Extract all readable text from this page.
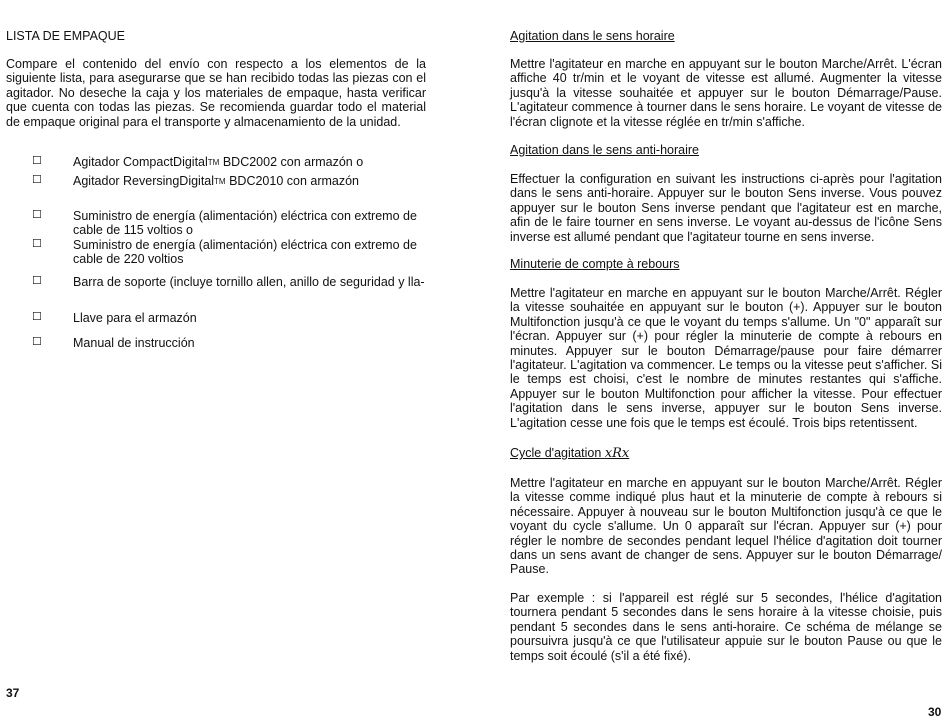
LISTA DE EMPAQUE

Compare el contenido del envío con respecto a los elementos de la siguiente lista, para asegurarse que se han recibido todas las piezas con el agitador. No deseche la caja y los materiales de empaque, hasta verificar que cuenta con todas las piezas. Se recomienda guardar todo el material de empaque original para el transporte y almacenamiento de la unidad.

☐ Agitador CompactDigitalTM BDC2002 con armazón o
☐ Agitador ReversingDigitalTM BDC2010 con armazón
☐ Suministro de energía (alimentación) eléctrica con extremo de cable de 115 voltios o
☐ Suministro de energía (alimentación) eléctrica con extremo de cable de 220 voltios
☐ Barra de soporte (incluye tornillo allen, anillo de seguridad y lla-
☐ Llave para el armazón
☐ Manual de instrucción
37
Agitation dans le sens horaire

Mettre l'agitateur en marche en appuyant sur le bouton Marche/Arrêt. L'écran affiche 40 tr/min et le voyant de vitesse est allumé. Augmenter la vitesse jusqu'à la vitesse souhaitée et appuyer sur le bouton Démarrage/Pause. L'agitateur commence à tourner dans le sens horaire. Le voyant de vitesse de l'écran clignote et la vitesse réglée en tr/min s'affiche.

Agitation dans le sens anti-horaire

Effectuer la configuration en suivant les instructions ci-après pour l'agitation dans le sens anti-horaire. Appuyer sur le bouton Sens inverse. Vous pouvez appuyer sur le bouton Sens inverse pendant que l'agitateur est en marche, afin de le faire tourner en sens inverse. Le voyant au-dessus de l'icône Sens inverse est allumé pendant que l'agitateur tourne en sens inverse.

Minuterie de compte à rebours

Mettre l'agitateur en marche en appuyant sur le bouton Marche/Arrêt. Régler la vitesse souhaitée en appuyant sur le bouton (+). Appuyer sur le bouton Multifonction jusqu'à ce que le voyant du temps s'allume. Un "0" apparaît sur l'écran. Appuyer sur (+) pour régler la minuterie de compte à rebours en minutes. Appuyer sur le bouton Démarrage/pause pour faire démarrer l'agitateur. L'agitation va commencer. Le temps ou la vitesse peut s'afficher. Si le temps est choisi, c'est le nombre de minutes restantes qui s'affiche. Appuyer sur le bouton Multifonction pour afficher la vitesse. Pour effectuer l'agitation dans le sens inverse, appuyer sur le bouton Sens inverse. L'agitation cesse une fois que le temps est écoulé. Trois bips retentissent.

Cycle d'agitation xRx

Mettre l'agitateur en marche en appuyant sur le bouton Marche/Arrêt. Régler la vitesse comme indiqué plus haut et la minuterie de compte à rebours si nécessaire. Appuyer à nouveau sur le bouton Multifonction jusqu'à ce que le voyant du cycle s'allume. Un 0 apparaît sur l'écran. Appuyer sur (+) pour régler le nombre de secondes pendant lequel l'hélice d'agitation doit tourner dans un sens avant de changer de sens. Appuyer sur le bouton Démarrage/ Pause.

Par exemple : si l'appareil est réglé sur 5 secondes, l'hélice d'agitation tournera pendant 5 secondes dans le sens horaire à la vitesse choisie, puis pendant 5 secondes dans le sens anti-horaire. Ce schéma de mélange se poursuivra jusqu'à ce que l'utilisateur appuie sur le bouton Pause ou que le temps soit écoulé (s'il a été fixé).

30
